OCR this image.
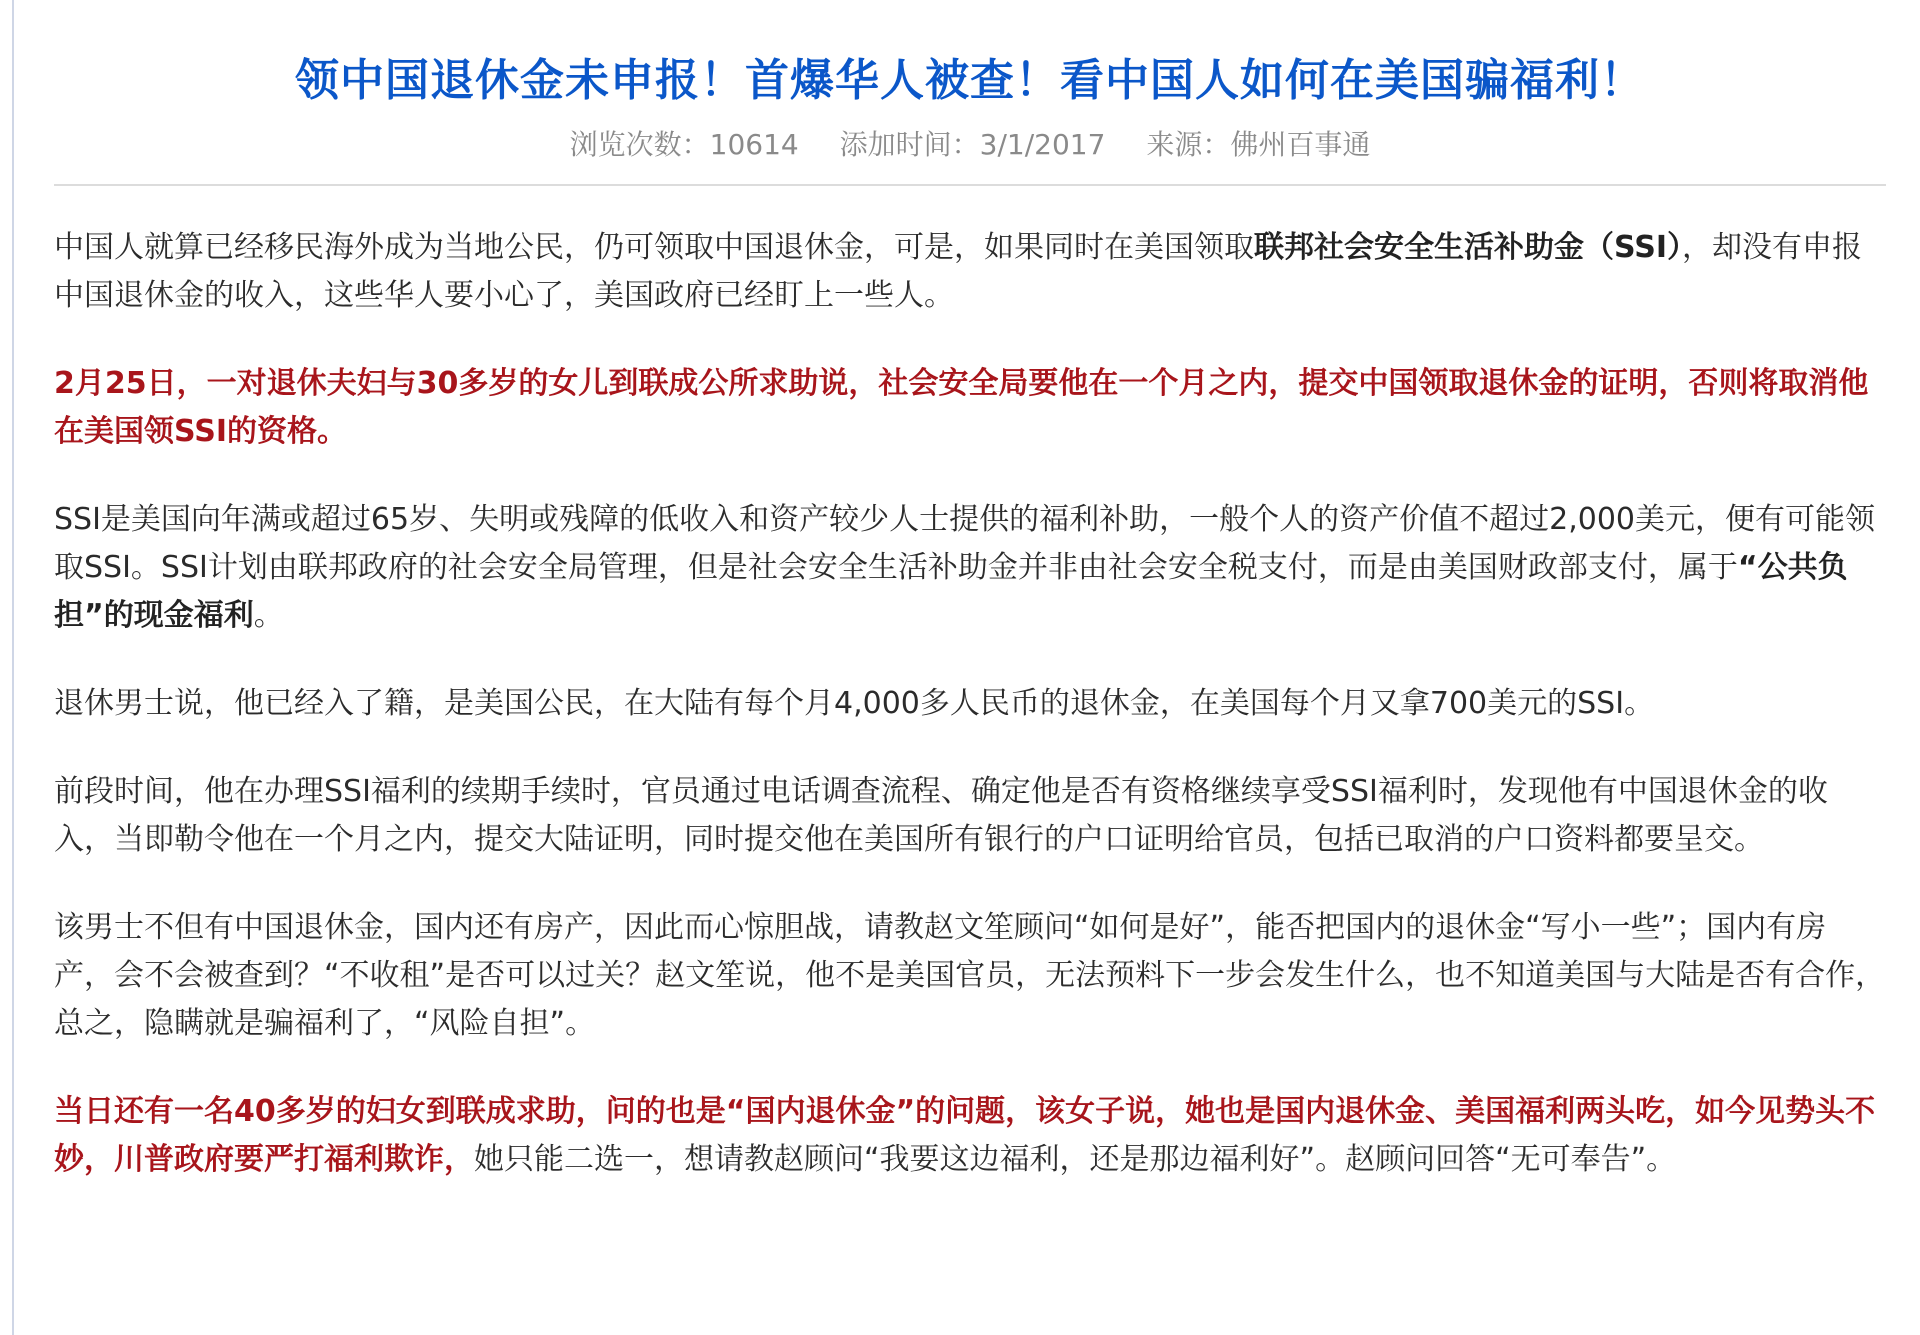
领中国退休金未申报！首爆华人被查！看中国人如何在美国骗福利！
浏览次数：10614 添加时间：3/1/2017 来源：佛州百事通

中国人就算已经移民海外成为当地公民，仍可领取中国退休金，可是，如果同时在美国领取联邦社会安全生活补助金（SSI），却没有申报中国退休金的收入，这些华人要小心了，美国政府已经盯上一些人。

2月25日，一对退休夫妇与30多岁的女儿到联成公所求助说，社会安全局要他在一个月之内，提交中国领取退休金的证明，否则将取消他在美国领SSI的资格。

SSI是美国向年满或超过65岁、失明或残障的低收入和资产较少人士提供的福利补助，一般个人的资产价值不超过2,000美元，便有可能领取SSI。SSI计划由联邦政府的社会安全局管理，但是社会安全生活补助金并非由社会安全税支付，而是由美国财政部支付，属于“公共负担”的现金福利。

退休男士说，他已经入了籍，是美国公民，在大陆有每个月4,000多人民币的退休金，在美国每个月又拿700美元的SSI。

前段时间，他在办理SSI福利的续期手续时，官员通过电话调查流程、确定他是否有资格继续享受SSI福利时，发现他有中国退休金的收入，当即勒令他在一个月之内，提交大陆证明，同时提交他在美国所有银行的户口证明给官员，包括已取消的户口资料都要呈交。

该男士不但有中国退休金，国内还有房产，因此而心惊胆战，请教赵文笙顾问“如何是好”，能否把国内的退休金“写小一些”；国内有房产，会不会被查到？“不收租”是否可以过关？赵文笙说，他不是美国官员，无法预料下一步会发生什么，也不知道美国与大陆是否有合作，总之，隐瞒就是骗福利了，“风险自担”。

当日还有一名40多岁的妇女到联成求助，问的也是“国内退休金”的问题，该女子说，她也是国内退休金、美国福利两头吃，如今见势头不妙，川普政府要严打福利欺诈，她只能二选一，想请教赵顾问“我要这边福利，还是那边福利好”。赵顾问回答“无可奉告”。
